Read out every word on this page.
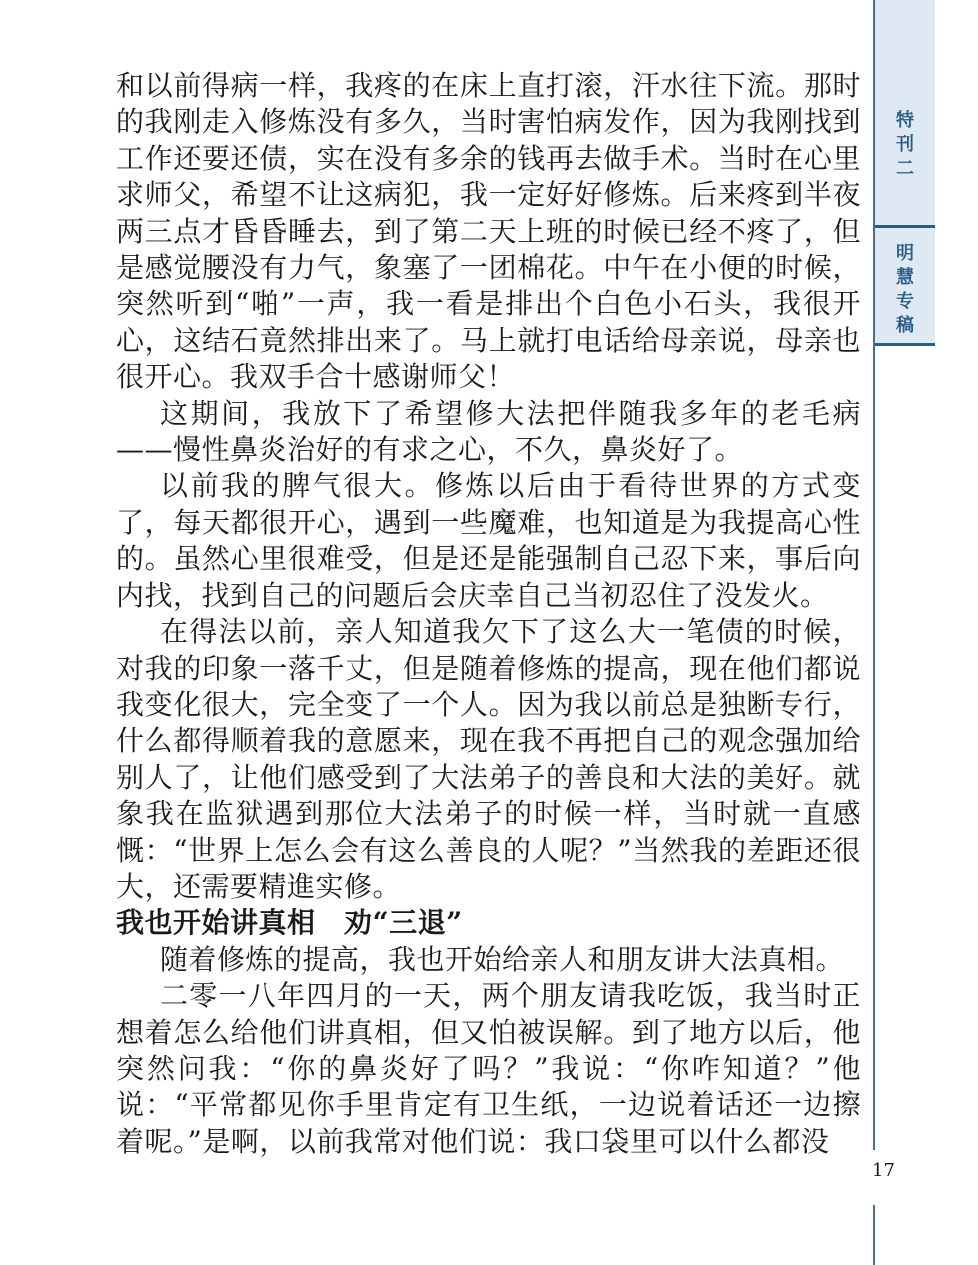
特
刊
二
明
慧
专
稿

和以前得病一样，我疼的在床上直打滚，汗水往下流。那时的我刚走入修炼没有多久，当时害怕病发作，因为我刚找到工作还要还债，实在没有多余的钱再去做手术。当时在心里求师父，希望不让这病犯，我一定好好修炼。后来疼到半夜两三点才昏昏睡去，到了第二天上班的时候已经不疼了，但是感觉腰没有力气，象塞了一团棉花。中午在小便的时候，突然听到“啪”一声，我一看是排出个白色小石头，我很开心，这结石竟然排出来了。马上就打电话给母亲说，母亲也很开心。我双手合十感谢师父！

这期间，我放下了希望修大法把伴随我多年的老毛病——慢性鼻炎治好的有求之心，不久，鼻炎好了。

以前我的脾气很大。修炼以后由于看待世界的方式变了，每天都很开心，遇到一些魔难，也知道是为我提高心性的。虽然心里很难受，但是还是能强制自己忍下来，事后向内找，找到自己的问题后会庆幸自己当初忍住了没发火。

在得法以前，亲人知道我欠下了这么大一笔债的时候，对我的印象一落千丈，但是随着修炼的提高，现在他们都说我变化很大，完全变了一个人。因为我以前总是独断专行，什么都得顺着我的意愿来，现在我不再把自己的观念强加给别人了，让他们感受到了大法弟子的善良和大法的美好。就象我在监狱遇到那位大法弟子的时候一样，当时就一直感慨：“世界上怎么会有这么善良的人呢？”当然我的差距还很大，还需要精進实修。

我也开始讲真相　劝“三退”

随着修炼的提高，我也开始给亲人和朋友讲大法真相。

二零一八年四月的一天，两个朋友请我吃饭，我当时正想着怎么给他们讲真相，但又怕被误解。到了地方以后，他突然问我：“你的鼻炎好了吗？”我说：“你咋知道？”他说：“平常都见你手里肯定有卫生纸，一边说着话还一边擦着呢。”是啊，以前我常对他们说：我口袋里可以什么都没

17
